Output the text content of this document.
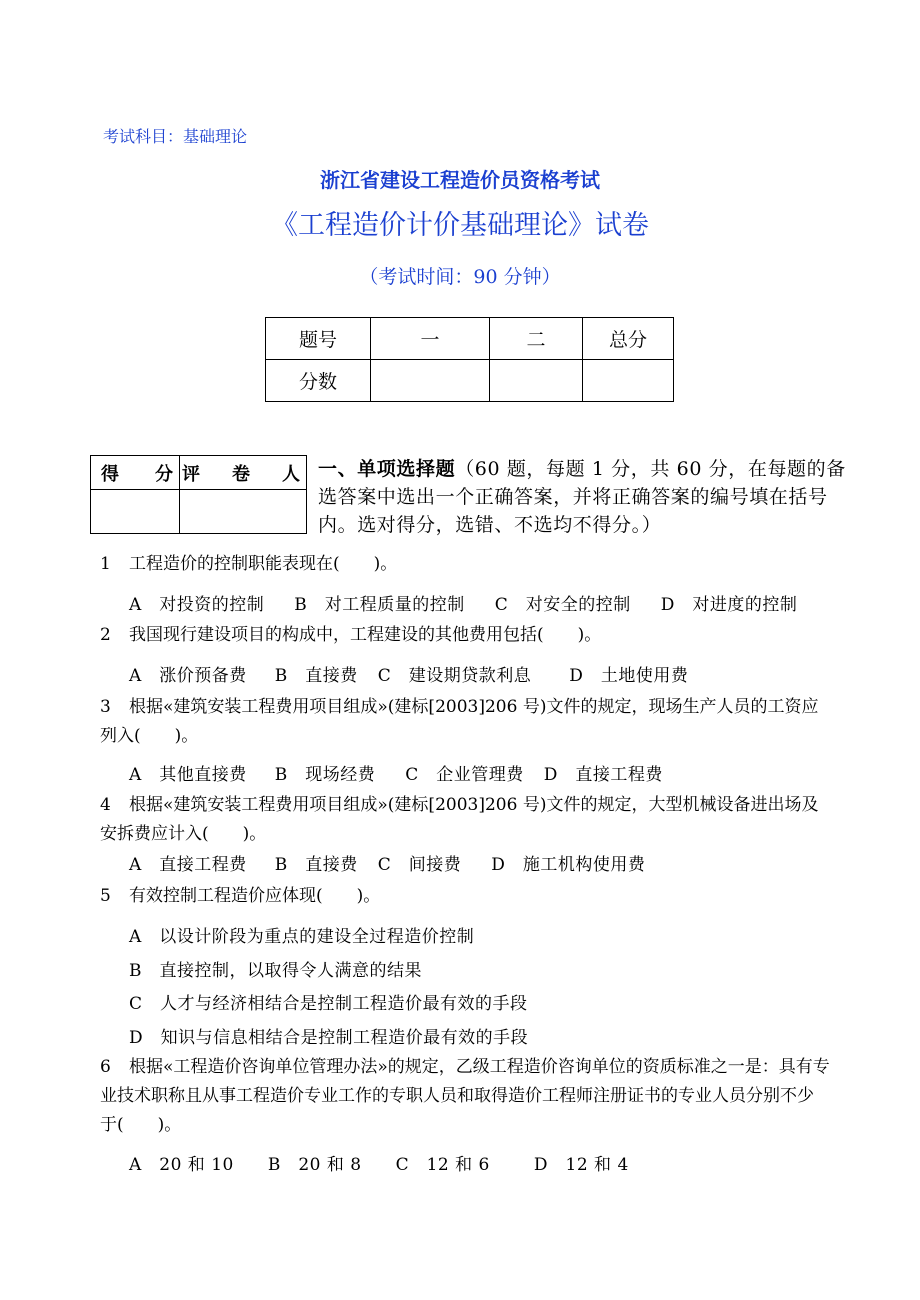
考试科目：基础理论
浙江省建设工程造价员资格考试
《工程造价计价基础理论》试卷
（考试时间：90 分钟）
题号	一	二	总分
分数			
得 分	评 卷 人

	一、单项选择题（60 题，每题 1 分，共 60 分，在每题的备选答案中选出一个正确答案，并将正确答案的编号填在括号内。选对得分，选错、不选均不得分。）
1 工程造价的控制职能表现在(　　)。
A　对投资的控制 B　对工程质量的控制 C　对安全的控制 D　对进度的控制
2 我国现行建设项目的构成中，工程建设的其他费用包括(　　)。
A　涨价预备费 B　直接费 C　建设期贷款利息 D　土地使用费
3 根据«建筑安装工程费用项目组成»(建标[2003]206 号)文件的规定，现场生产人员的工资应列入(　　)。
A　其他直接费 B　现场经费 C　企业管理费 D　直接工程费
4 根据«建筑安装工程费用项目组成»(建标[2003]206 号)文件的规定，大型机械设备进出场及安拆费应计入(　　)。
A　直接工程费 B　直接费 C　间接费 D　施工机构使用费
5 有效控制工程造价应体现(　　)。
A　以设计阶段为重点的建设全过程造价控制
B　直接控制，以取得令人满意的结果
C　人才与经济相结合是控制工程造价最有效的手段
D　知识与信息相结合是控制工程造价最有效的手段
6 根据«工程造价咨询单位管理办法»的规定，乙级工程造价咨询单位的资质标准之一是：具有专业技术职称且从事工程造价专业工作的专职人员和取得造价工程师注册证书的专业人员分别不少于(　　)。
A　20 和 10 B　20 和 8 C　12 和 6	D　12 和 4
